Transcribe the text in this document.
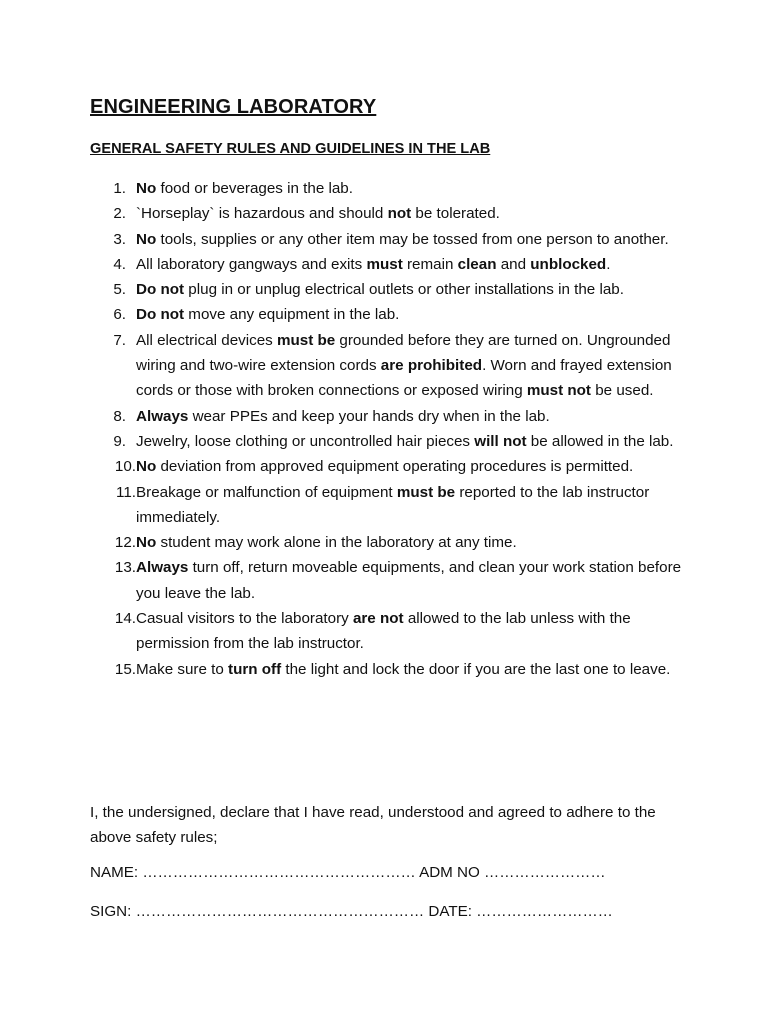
ENGINEERING LABORATORY
GENERAL SAFETY RULES AND GUIDELINES IN THE LAB
1. No food or beverages in the lab.
2. `Horseplay` is hazardous and should not be tolerated.
3. No tools, supplies or any other item may be tossed from one person to another.
4. All laboratory gangways and exits must remain clean and unblocked.
5. Do not plug in or unplug electrical outlets or other installations in the lab.
6. Do not move any equipment in the lab.
7. All electrical devices must be grounded before they are turned on. Ungrounded wiring and two-wire extension cords are prohibited. Worn and frayed extension cords or those with broken connections or exposed wiring must not be used.
8. Always wear PPEs and keep your hands dry when in the lab.
9. Jewelry, loose clothing or uncontrolled hair pieces will not be allowed in the lab.
10. No deviation from approved equipment operating procedures is permitted.
11. Breakage or malfunction of equipment must be reported to the lab instructor immediately.
12. No student may work alone in the laboratory at any time.
13. Always turn off, return moveable equipments, and clean your work station before you leave the lab.
14. Casual visitors to the laboratory are not allowed to the lab unless with the permission from the lab instructor.
15. Make sure to turn off the light and lock the door if you are the last one to leave.

I, the undersigned, declare that I have read, understood and agreed to adhere to the above safety rules;

NAME: ……………………………………………… ADM NO ……………………
SIGN: ………………………………………………… DATE: ………………………
